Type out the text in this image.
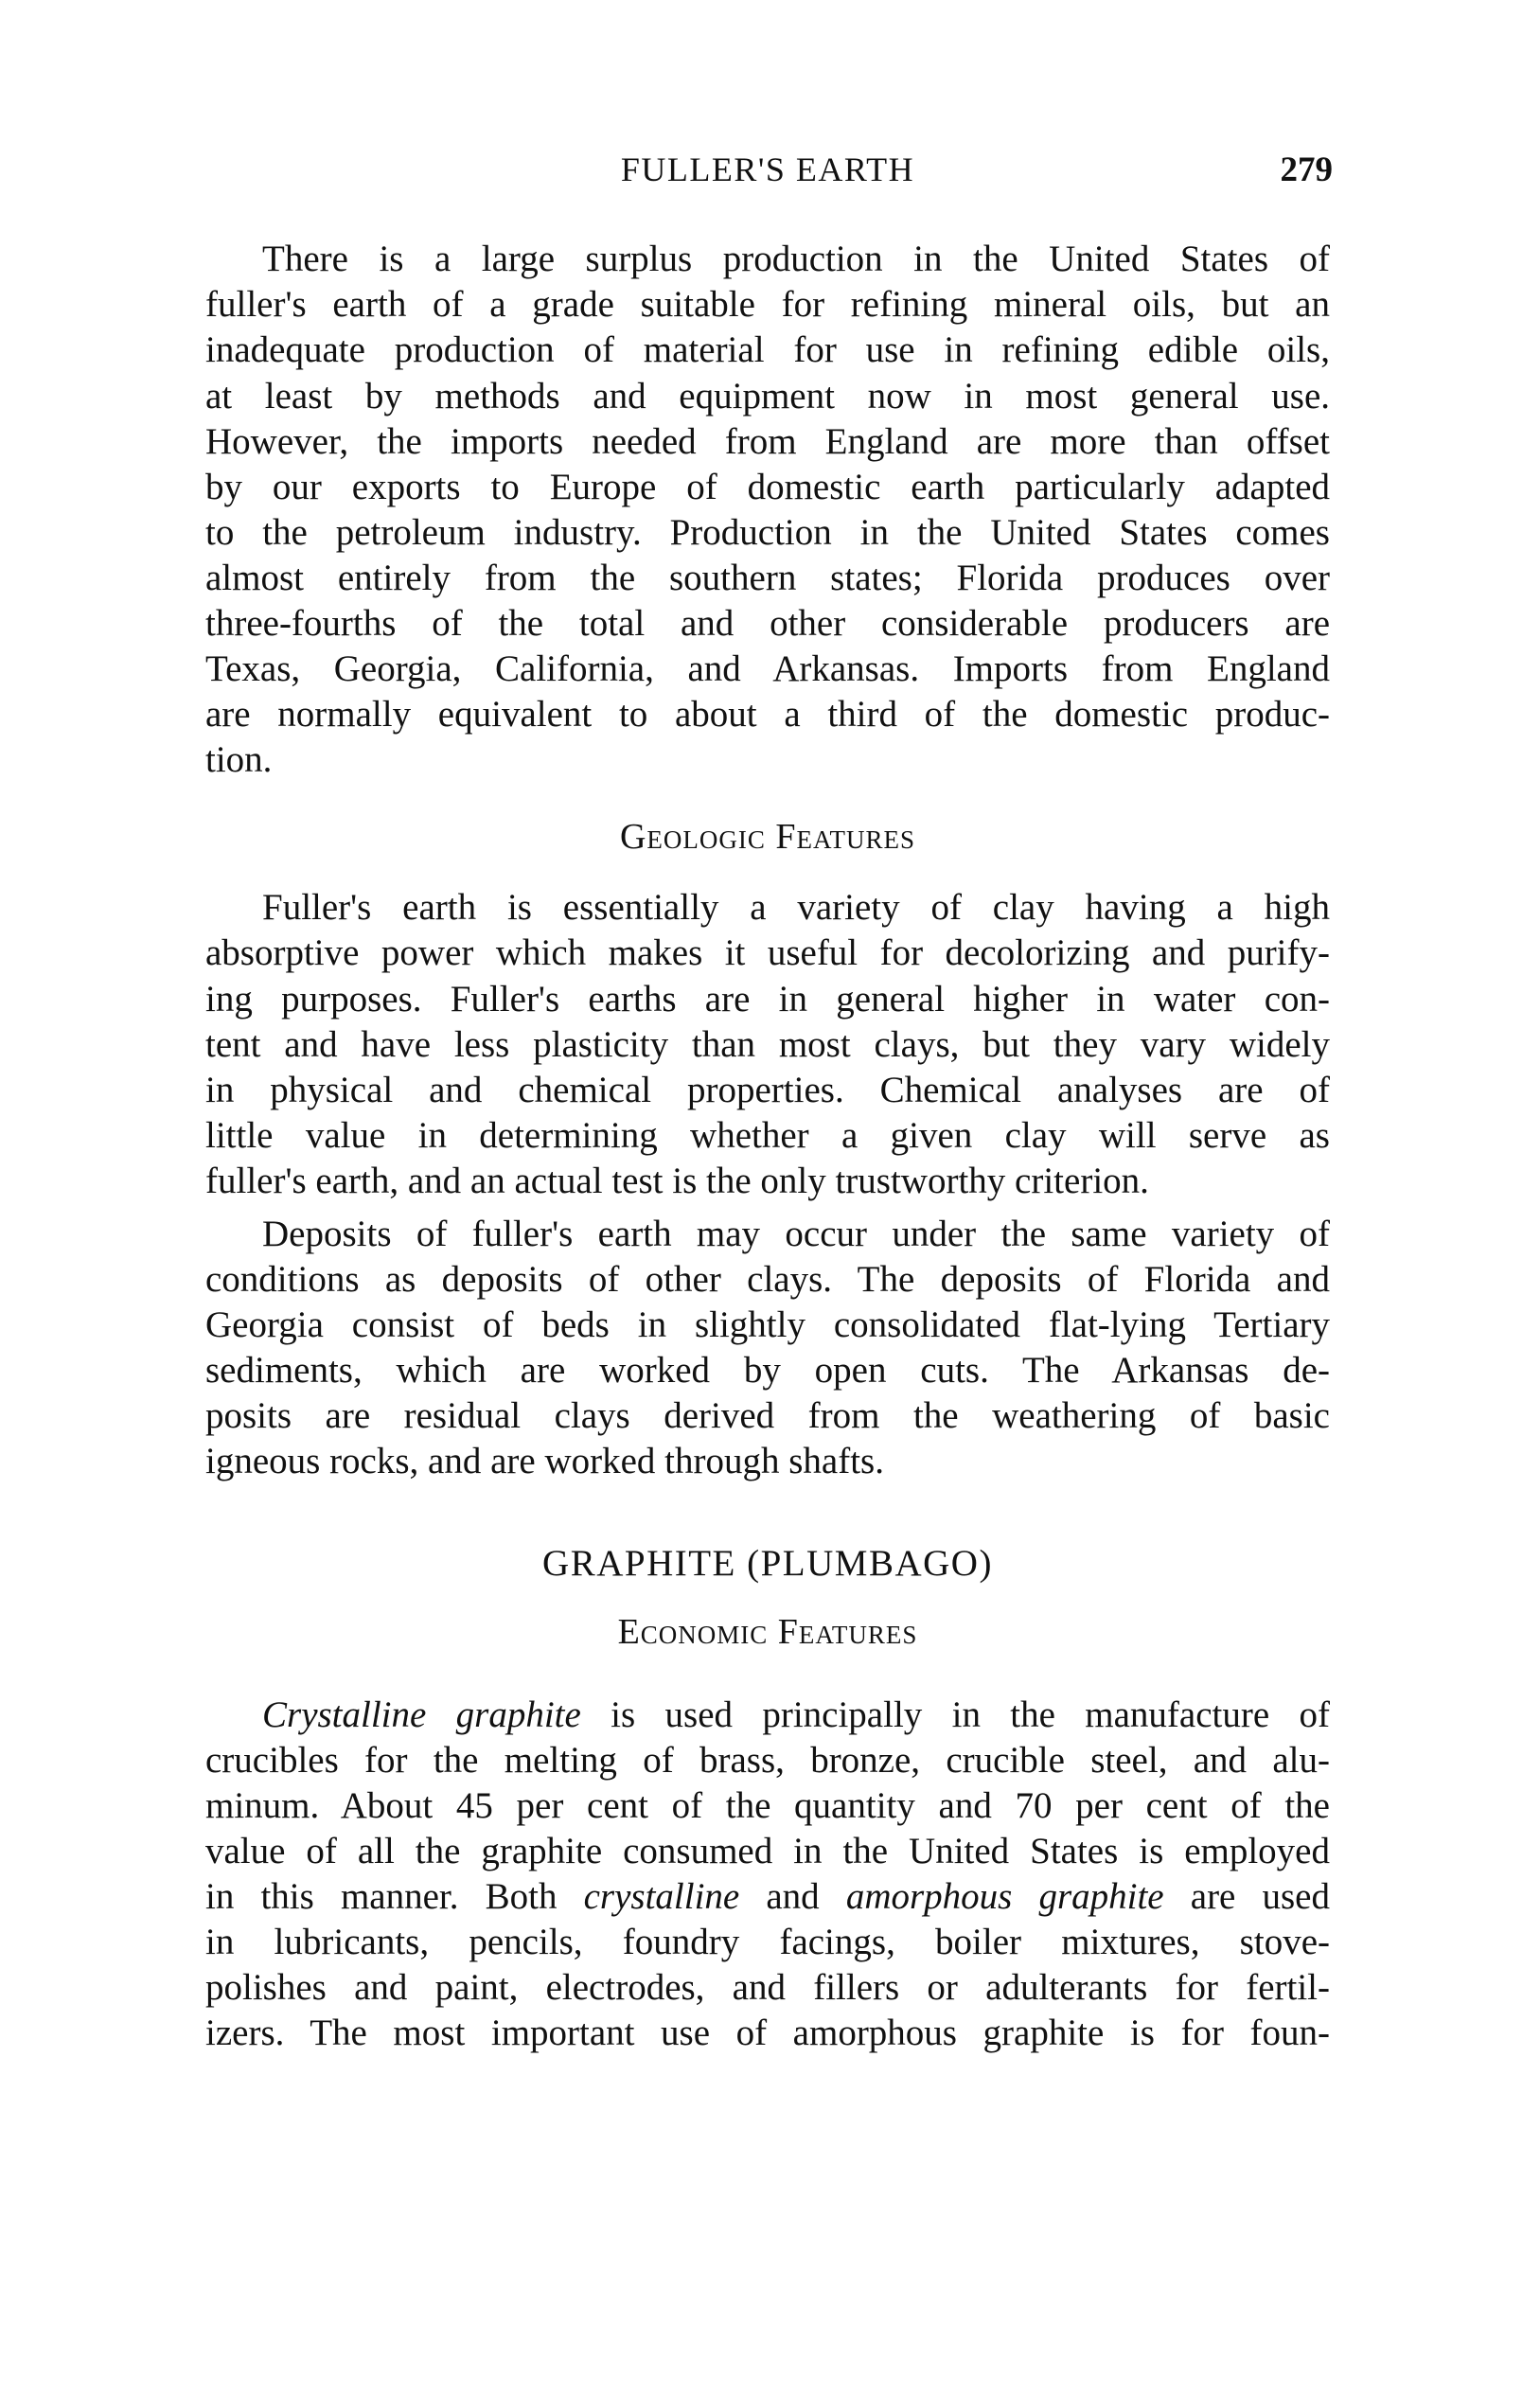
FULLER'S EARTH	279
There is a large surplus production in the United States of
fuller's earth of a grade suitable for refining mineral oils, but an
inadequate production of material for use in refining edible oils,
at least by methods and equipment now in most general use.
However, the imports needed from England are more than offset
by our exports to Europe of domestic earth particularly adapted
to the petroleum industry. Production in the United States comes
almost entirely from the southern states; Florida produces over
three-fourths of the total and other considerable producers are
Texas, Georgia, California, and Arkansas. Imports from England
are normally equivalent to about a third of the domestic produc-
tion.
Geologic Features
Fuller's earth is essentially a variety of clay having a high
absorptive power which makes it useful for decolorizing and purify-
ing purposes. Fuller's earths are in general higher in water con-
tent and have less plasticity than most clays, but they vary widely
in physical and chemical properties. Chemical analyses are of
little value in determining whether a given clay will serve as
fuller's earth, and an actual test is the only trustworthy criterion.
Deposits of fuller's earth may occur under the same variety of
conditions as deposits of other clays. The deposits of Florida and
Georgia consist of beds in slightly consolidated flat-lying Tertiary
sediments, which are worked by open cuts. The Arkansas de-
posits are residual clays derived from the weathering of basic
igneous rocks, and are worked through shafts.
GRAPHITE (PLUMBAGO)
Economic Features
Crystalline graphite is used principally in the manufacture of
crucibles for the melting of brass, bronze, crucible steel, and alu-
minum. About 45 per cent of the quantity and 70 per cent of the
value of all the graphite consumed in the United States is employed
in this manner. Both crystalline and amorphous graphite are used
in lubricants, pencils, foundry facings, boiler mixtures, stove-
polishes and paint, electrodes, and fillers or adulterants for fertil-
izers. The most important use of amorphous graphite is for foun-
